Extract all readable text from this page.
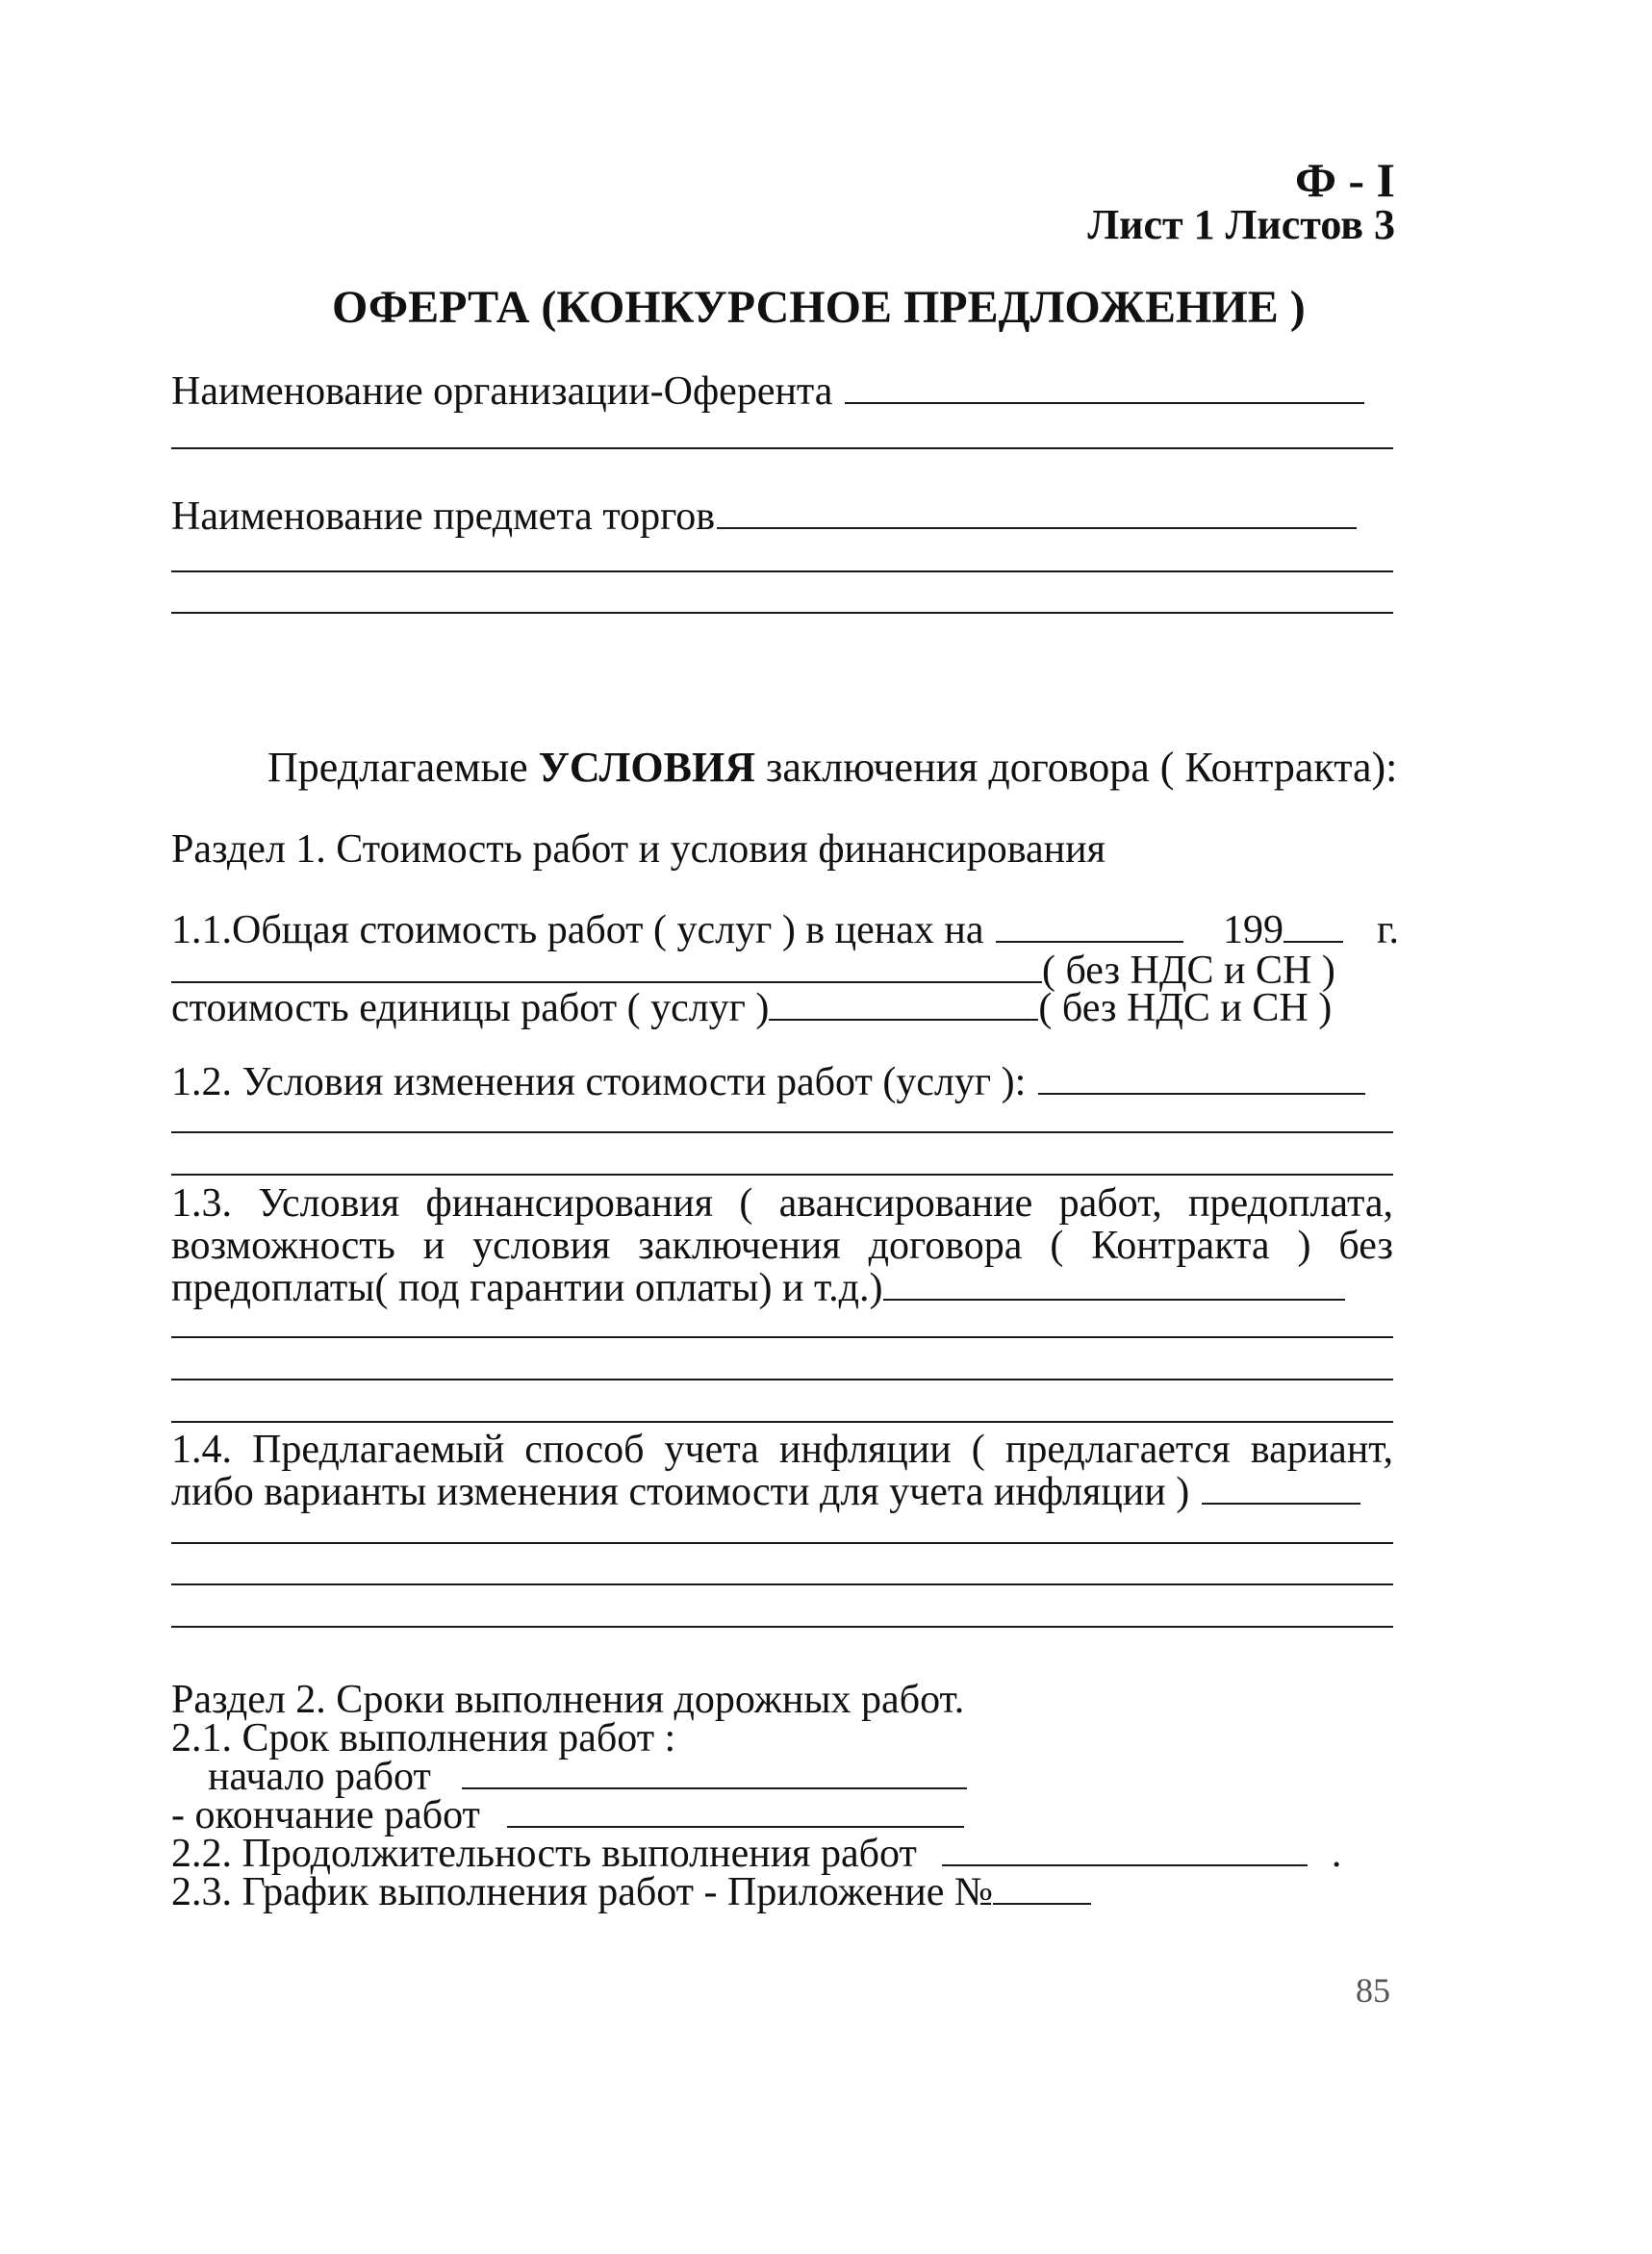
Ф - I
Лист 1 Листов 3
ОФЕРТА (КОНКУРСНОЕ ПРЕДЛОЖЕНИЕ )
Наименование организации-Оферента
Наименование предмета торгов
Предлагаемые УСЛОВИЯ заключения договора ( Контракта):
Раздел 1. Стоимость работ и условия финансирования
1.1.Общая стоимость работ ( услуг ) в ценах на	199 г.
( без НДС и СН )
стоимость единицы работ ( услуг )	( без НДС и СН )
1.2. Условия изменения стоимости работ (услуг ):
1.3. Условия финансирования ( авансирование работ, предоплата,
возможность и условия заключения договора ( Контракта ) без
предоплаты( под гарантии оплаты) и т.д.)
1.4. Предлагаемый способ учета инфляции ( предлагается вариант,
либо варианты изменения стоимости для учета инфляции )
Раздел 2. Сроки выполнения дорожных работ.
2.1. Срок выполнения работ :
начало работ
- окончание работ
2.2. Продолжительность выполнения работ	.
2.3. График выполнения работ - Приложение №
85
